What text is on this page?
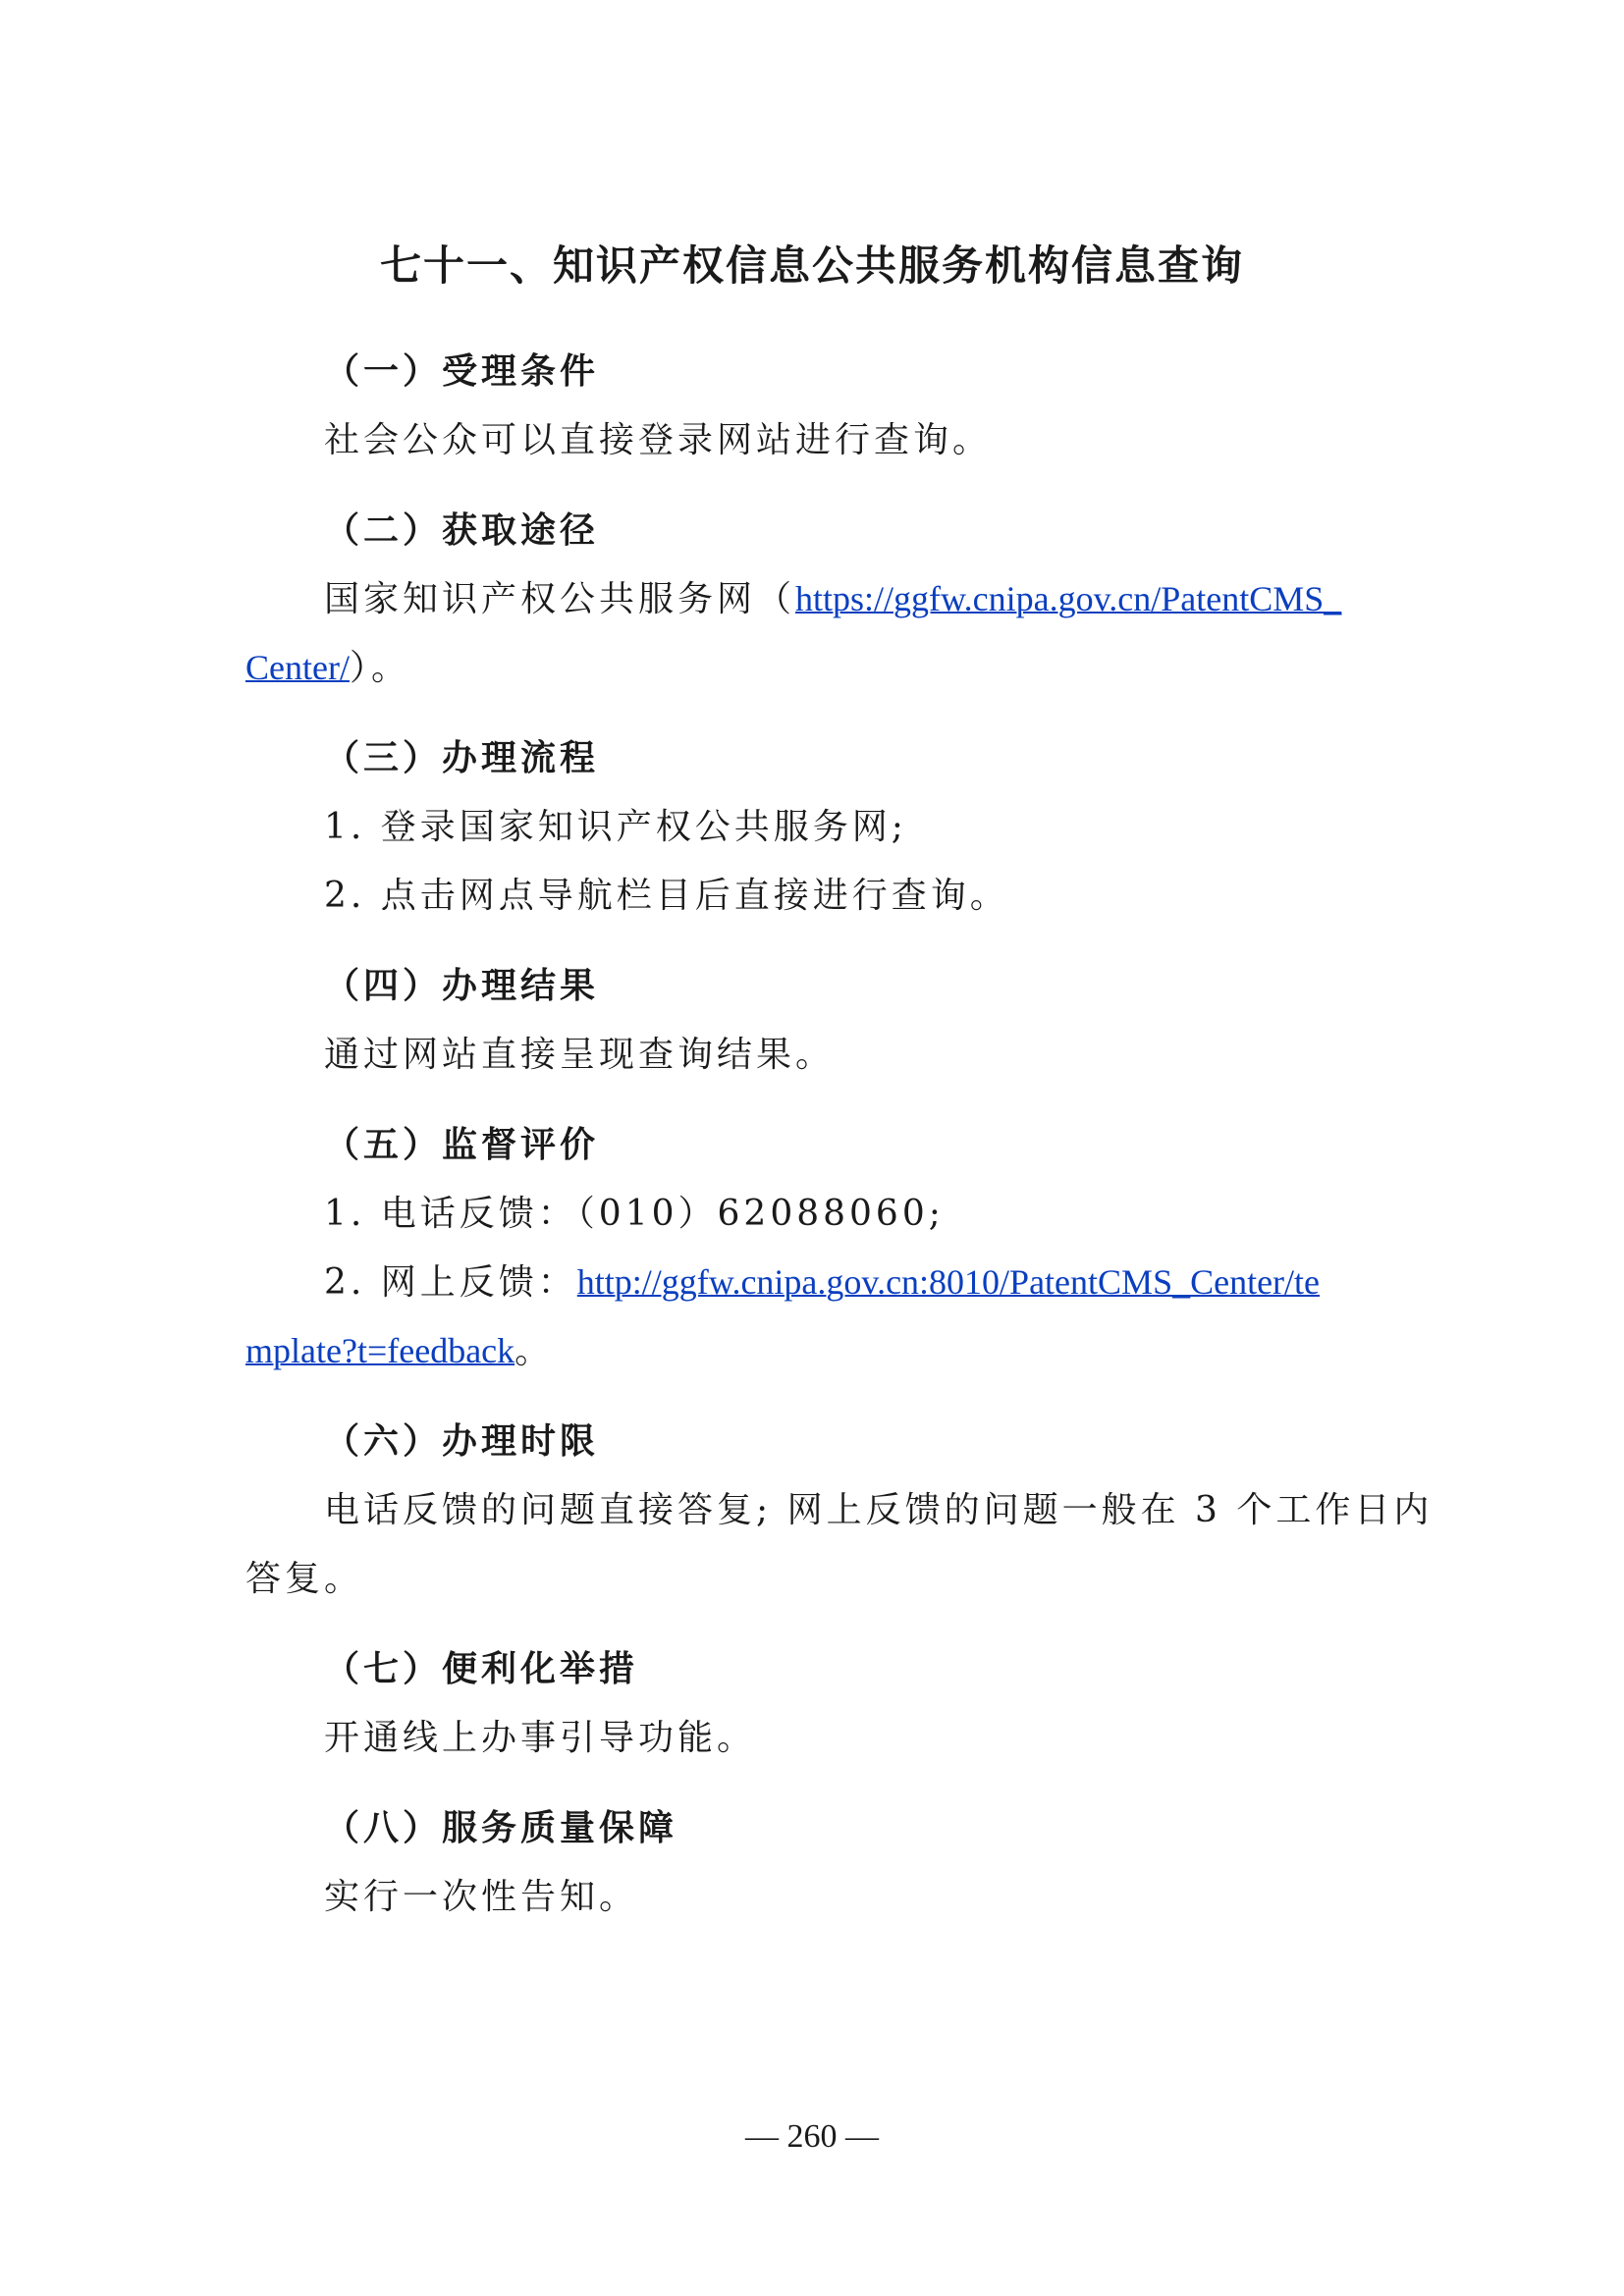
七十一、知识产权信息公共服务机构信息查询
（一）受理条件
社会公众可以直接登录网站进行查询。
（二）获取途径
国家知识产权公共服务网（https://ggfw.cnipa.gov.cn/PatentCMS_
Center/）。
（三）办理流程
1. 登录国家知识产权公共服务网;
2. 点击网点导航栏目后直接进行查询。
（四）办理结果
通过网站直接呈现查询结果。
（五）监督评价
1. 电话反馈：（010）62088060;
2. 网上反馈：http://ggfw.cnipa.gov.cn:8010/PatentCMS_Center/te
mplate?t=feedback。
（六）办理时限
电话反馈的问题直接答复; 网上反馈的问题一般在 3 个工作日内
答复。
（七）便利化举措
开通线上办事引导功能。
（八）服务质量保障
实行一次性告知。
— 260 —
